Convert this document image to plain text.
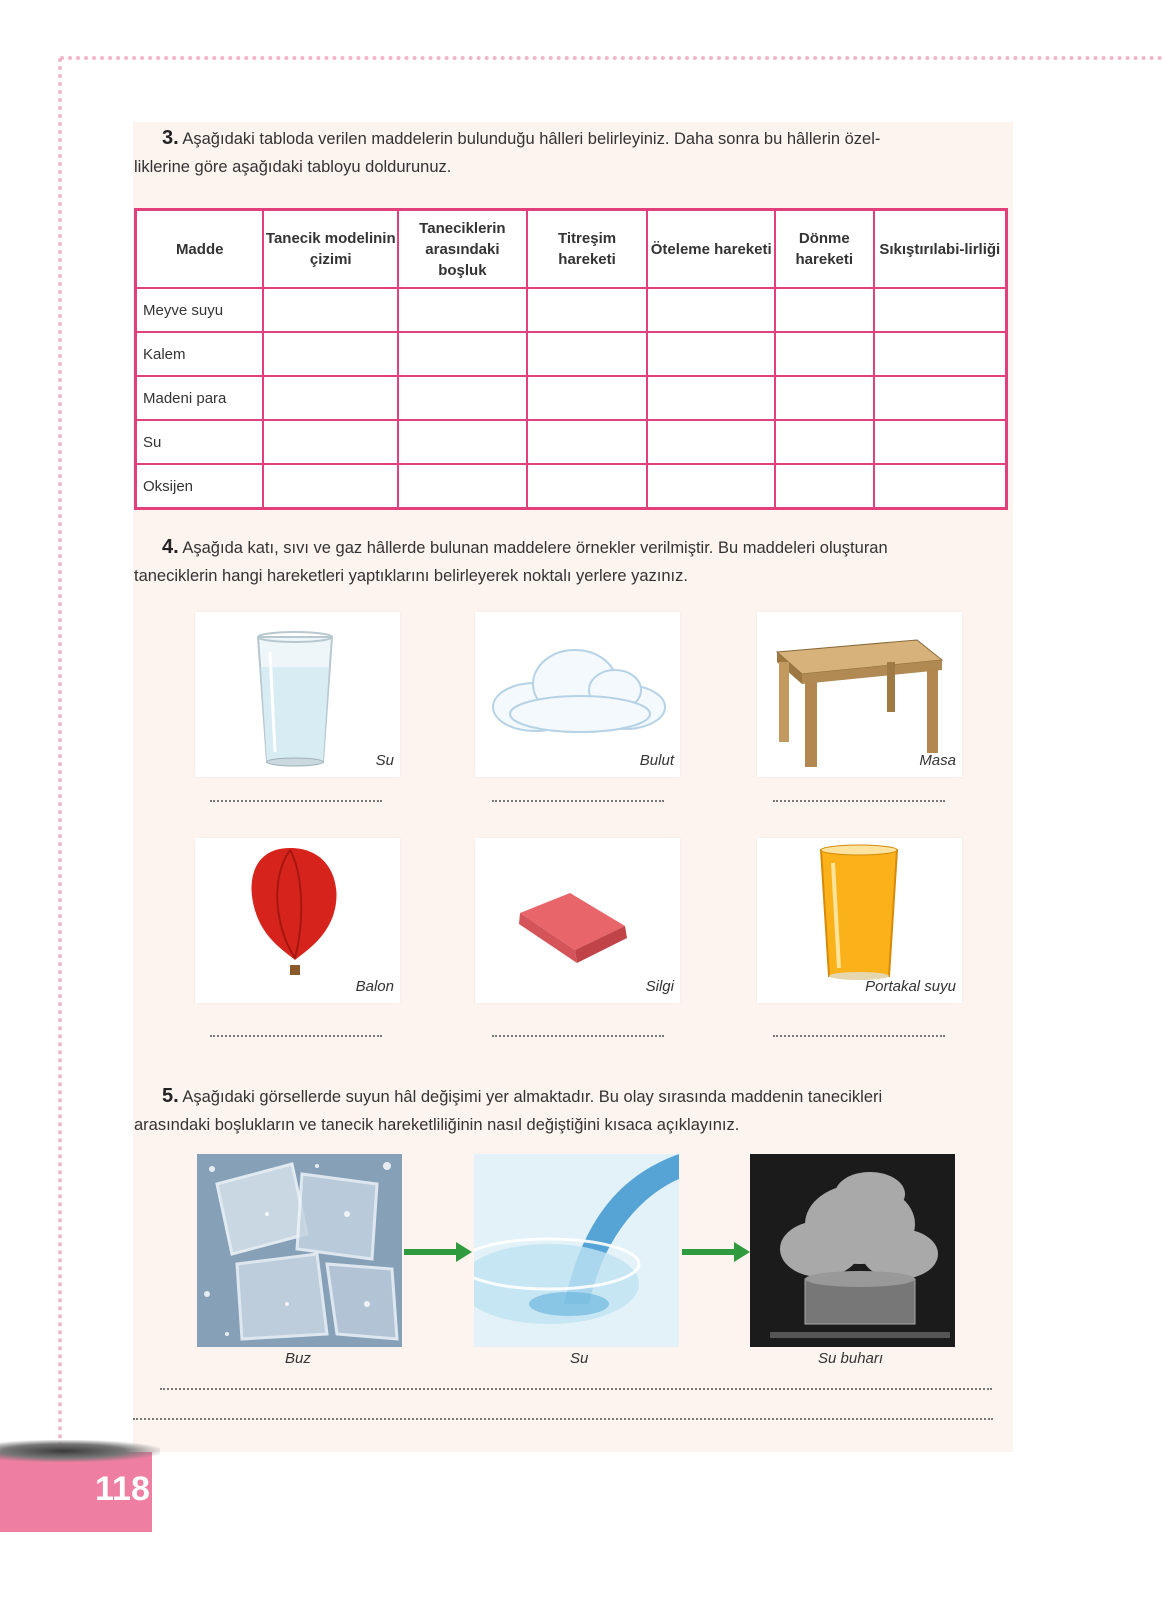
3. Aşağıdaki tabloda verilen maddelerin bulunduğu hâlleri belirleyiniz. Daha sonra bu hâllerin özel-
liklerine göre aşağıdaki tabloyu doldurunuz.
Madde	Tanecik modelinin çizimi	Taneciklerin arasındaki boşluk	Titreşim hareketi	Öteleme hareketi	Dönme hareketi	Sıkıştırılabi-lirliği
Meyve suyu						
Kalem						
Madeni para						
Su						
Oksijen						
4. Aşağıda katı, sıvı ve gaz hâllerde bulunan maddelere örnekler verilmiştir. Bu maddeleri oluşturan
taneciklerin hangi hareketleri yaptıklarını belirleyerek noktalı yerlere yazınız.
Su	Bulut	Masa
Balon	Silgi	Portakal suyu
5. Aşağıdaki görsellerde suyun hâl değişimi yer almaktadır. Bu olay sırasında maddenin tanecikleri
arasındaki boşlukların ve tanecik hareketliliğinin nasıl değiştiğini kısaca açıklayınız.
Buz	Su	Su buharı
118
